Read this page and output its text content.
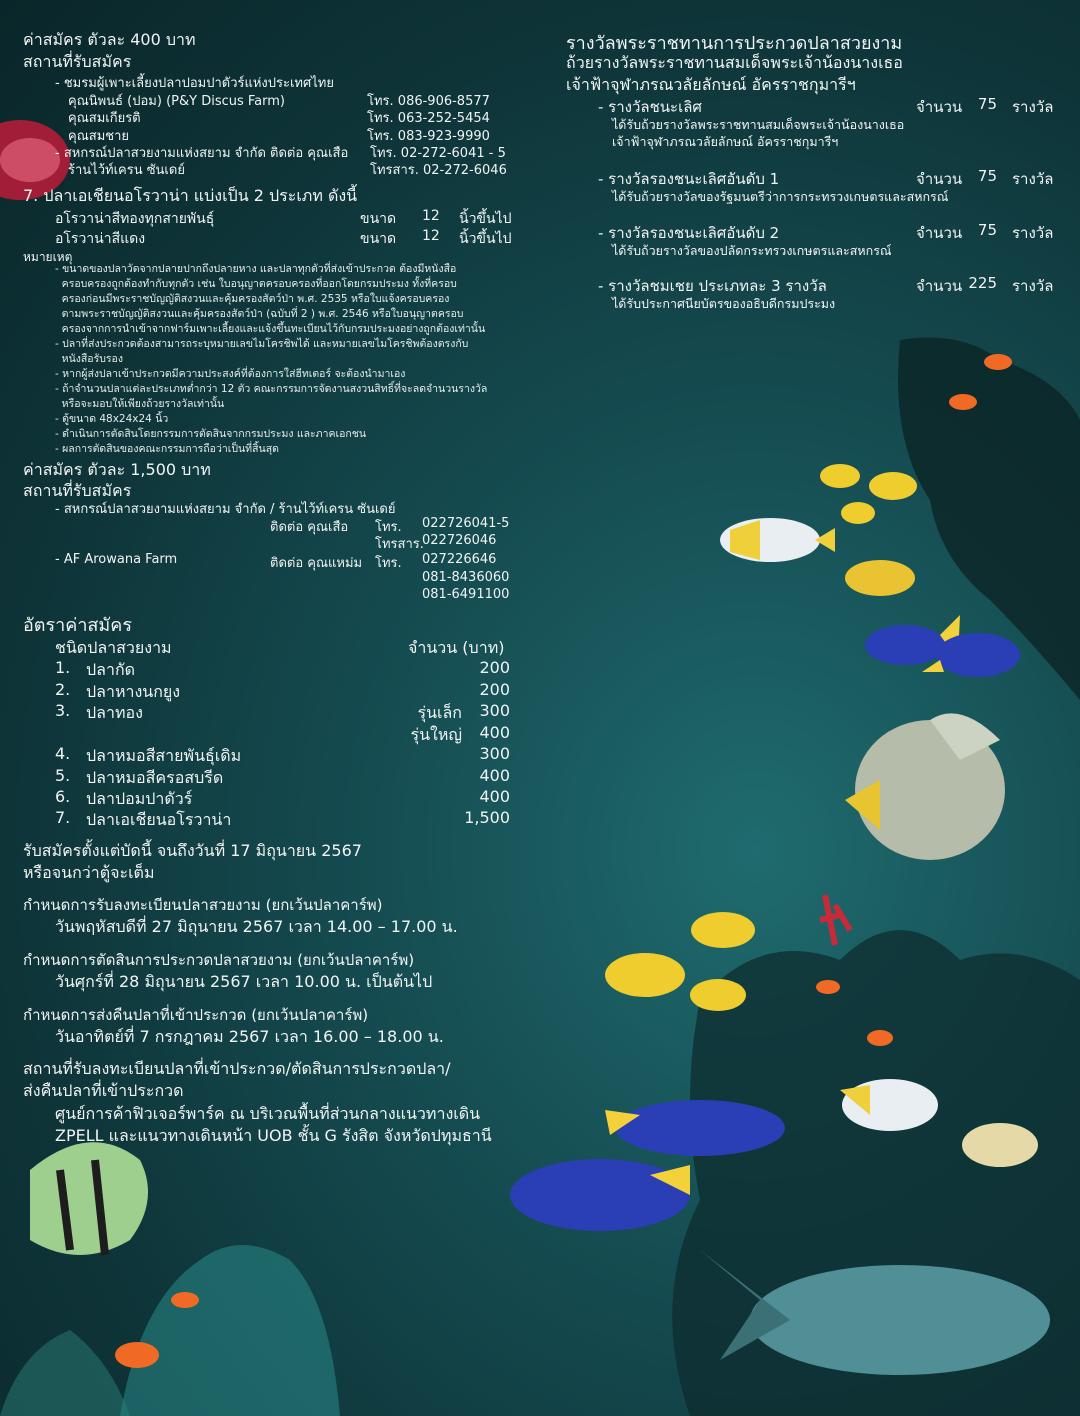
ค่าสมัคร ตัวละ 400 บาท
สถานที่รับสมัคร
- ชมรมผู้เพาะเลี้ยงปลาปอมปาดัวร์แห่งประเทศไทย
คุณนิพนธ์ (ปอม) (P&Y Discus Farm)	โทร. 086-906-8577
คุณสมเกียรติ	โทร. 063-252-5454
คุณสมชาย	โทร. 083-923-9990
- สหกรณ์ปลาสวยงามแห่งสยาม จำกัด ติดต่อ คุณเสือ โทร. 02-272-6041 - 5
ร้านไว้ท์เครน ซันเดย์	โทรสาร. 02-272-6046
7. ปลาเอเชียนอโรวาน่า แบ่งเป็น 2 ประเภท ดังนี้
อโรวาน่าสีทองทุกสายพันธุ์	ขนาด 12 นิ้วขึ้นไป
อโรวาน่าสีแดง	ขนาด 12 นิ้วขึ้นไป
หมายเหตุ
- ขนาดของปลาวัดจากปลายปากถึงปลายหาง และปลาทุกตัวที่ส่งเข้าประกวด ต้องมีหนังสือ
ครอบครองถูกต้องทำกับทุกตัว เช่น ใบอนุญาตครอบครองที่ออกโดยกรมประมง ทั้งที่ครอบ
ครองก่อนมีพระราชบัญญัติสงวนและคุ้มครองสัตว์ป่า พ.ศ. 2535 หรือใบแจ้งครอบครอง
ตามพระราชบัญญัติสงวนและคุ้มครองสัตว์ป่า (ฉบับที่ 2 ) พ.ศ. 2546 หรือใบอนุญาตครอบ
ครองจากการนำเข้าจากฟาร์มเพาะเลี้ยงและแจ้งขึ้นทะเบียนไว้กับกรมประมงอย่างถูกต้องเท่านั้น
- ปลาที่ส่งประกวดต้องสามารถระบุหมายเลขไมโครชิพได้ และหมายเลขไมโครชิพต้องตรงกับ
หนังสือรับรอง
- หากผู้ส่งปลาเข้าประกวดมีความประสงค์ที่ต้องการใส่ฮีทเตอร์ จะต้องนำมาเอง
- ถ้าจำนวนปลาแต่ละประเภทต่ำกว่า 12 ตัว คณะกรรมการจัดงานสงวนสิทธิ์ที่จะลดจำนวนรางวัล
หรือจะมอบให้เพียงถ้วยรางวัลเท่านั้น
- ตู้ขนาด 48x24x24 นิ้ว
- ดำเนินการตัดสินโดยกรรมการตัดสินจากกรมประมง และภาคเอกชน
- ผลการตัดสินของคณะกรรมการถือว่าเป็นที่สิ้นสุด
ค่าสมัคร ตัวละ 1,500 บาท
สถานที่รับสมัคร
- สหกรณ์ปลาสวยงามแห่งสยาม จำกัด / ร้านไว้ท์เครน ซันเดย์
ติดต่อ คุณเสือ โทร. 022726041-5
โทรสาร.
022726046
- AF Arowana Farm	ติดต่อ คุณแหม่ม โทร. 027226646
081-8436060
081-6491100
อัตราค่าสมัคร
ชนิดปลาสวยงาม	จำนวน (บาท)
1. ปลากัด	200
2. ปลาหางนกยูง	200
3. ปลาทอง	รุ่นเล็ก	300
รุ่นใหญ่	400
4. ปลาหมอสีสายพันธุ์เดิม	300
5. ปลาหมอสีครอสบรีด	400
6. ปลาปอมปาดัวร์	400
7. ปลาเอเชียนอโรวาน่า	1,500
รับสมัครตั้งแต่บัดนี้ จนถึงวันที่ 17 มิถุนายน 2567
หรือจนกว่าตู้จะเต็ม
กำหนดการรับลงทะเบียนปลาสวยงาม (ยกเว้นปลาคาร์พ)
วันพฤหัสบดีที่ 27 มิถุนายน 2567 เวลา 14.00 – 17.00 น.
กำหนดการตัดสินการประกวดปลาสวยงาม (ยกเว้นปลาคาร์พ)
วันศุกร์ที่ 28 มิถุนายน 2567 เวลา 10.00 น. เป็นต้นไป
กำหนดการส่งคืนปลาที่เข้าประกวด (ยกเว้นปลาคาร์พ)
วันอาทิตย์ที่ 7 กรกฎาคม 2567 เวลา 16.00 – 18.00 น.
สถานที่รับลงทะเบียนปลาที่เข้าประกวด/ตัดสินการประกวดปลา/
ส่งคืนปลาที่เข้าประกวด
ศูนย์การค้าฟิวเจอร์พาร์ค ณ บริเวณพื้นที่ส่วนกลางแนวทางเดิน
ZPELL และแนวทางเดินหน้า UOB ชั้น G รังสิต จังหวัดปทุมธานี
รางวัลพระราชทานการประกวดปลาสวยงาม
ถ้วยรางวัลพระราชทานสมเด็จพระเจ้าน้องนางเธอ
เจ้าฟ้าจุฬาภรณวลัยลักษณ์ อัครราชกุมารีฯ
- รางวัลชนะเลิศ	จำนวน	75 รางวัล
ได้รับถ้วยรางวัลพระราชทานสมเด็จพระเจ้าน้องนางเธอ
เจ้าฟ้าจุฬาภรณวลัยลักษณ์ อัครราชกุมารีฯ
- รางวัลรองชนะเลิศอันดับ 1	จำนวน	75 รางวัล
ได้รับถ้วยรางวัลของรัฐมนตรีว่าการกระทรวงเกษตรและสหกรณ์
- รางวัลรองชนะเลิศอันดับ 2	จำนวน	75 รางวัล
ได้รับถ้วยรางวัลของปลัดกระทรวงเกษตรและสหกรณ์
- รางวัลชมเชย ประเภทละ 3 รางวัล	จำนวน 225 รางวัล
ได้รับประกาศนียบัตรของอธิบดีกรมประมง
